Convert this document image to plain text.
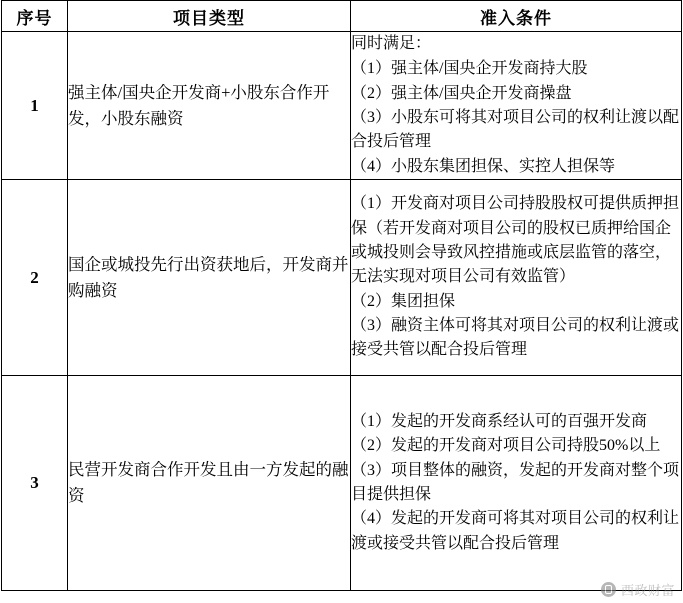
序号	项目类型	准入条件
1	强主体/国央企开发商+小股东合作开发，小股东融资	同时满足：

（1）强主体/国央企开发商持大股

（2）强主体/国央企开发商操盘

（3）小股东可将其对项目公司的权利让渡以配合投后管理

（4）小股东集团担保、实控人担保等

2	国企或城投先行出资获地后，开发商并购融资	（1）开发商对项目公司持股股权可提供质押担保（若开发商对项目公司的股权已质押给国企或城投则会导致风控措施或底层监管的落空，无法实现对项目公司有效监管）

（2）集团担保

（3）融资主体可将其对项目公司的权利让渡或接受共管以配合投后管理

3	民营开发商合作开发且由一方发起的融资	（1）发起的开发商系经认可的百强开发商

（2）发起的开发商对项目公司持股50%以上

（3）项目整体的融资，发起的开发商对整个项目提供担保

（4）发起的开发商可将其对项目公司的权利让渡或接受共管以配合投后管理

西政财富
